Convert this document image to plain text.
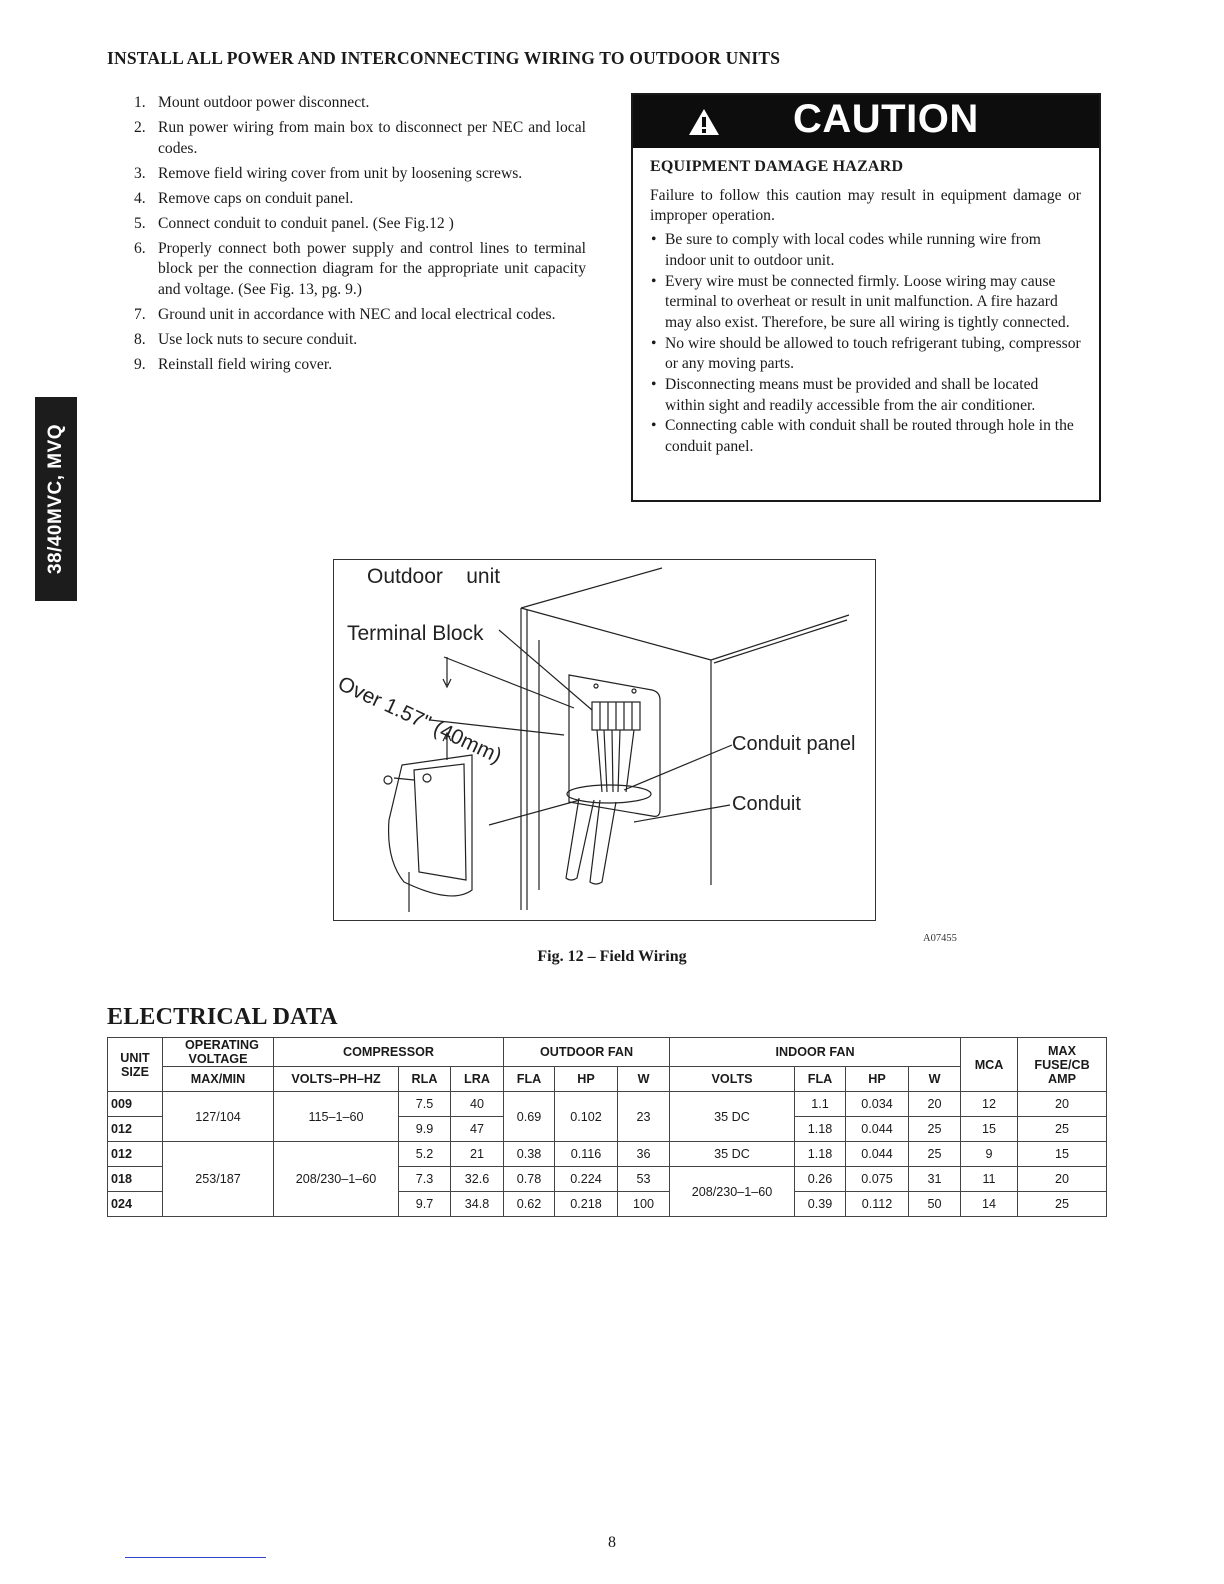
INSTALL ALL POWER AND INTERCONNECTING WIRING TO OUTDOOR UNITS
1. Mount outdoor power disconnect.
2. Run power wiring from main box to disconnect per NEC and local codes.
3. Remove field wiring cover from unit by loosening screws.
4. Remove caps on conduit panel.
5. Connect conduit to conduit panel. (See Fig.12 )
6. Properly connect both power supply and control lines to terminal block per the connection diagram for the appropriate unit capacity and voltage. (See Fig. 13, pg. 9.)
7. Ground unit in accordance with NEC and local electrical codes.
8. Use lock nuts to secure conduit.
9. Reinstall field wiring cover.
38/40MVC, MVQ
CAUTION

EQUIPMENT DAMAGE HAZARD

Failure to follow this caution may result in equipment damage or improper operation.

• Be sure to comply with local codes while running wire from indoor unit to outdoor unit.
• Every wire must be connected firmly. Loose wiring may cause terminal to overheat or result in unit malfunction. A fire hazard may also exist. Therefore, be sure all wiring is tightly connected.
• No wire should be allowed to touch refrigerant tubing, compressor or any moving parts.
• Disconnecting means must be provided and shall be located within sight and readily accessible from the air conditioner.
• Connecting cable with conduit shall be routed through hole in the conduit panel.
Outdoor    unit
Terminal Block
Over 1.57" (40mm)	Conduit panel
Conduit
A07455
Fig. 12 – Field Wiring
ELECTRICAL DATA
UNIT SIZE	OPERATING VOLTAGE	COMPRESSOR			OUTDOOR FAN			INDOOR FAN				MCA	MAX FUSE/CB AMP
	MAX/MIN	VOLTS–PH–HZ	RLA	LRA	FLA	HP	W	VOLTS	FLA	HP	W		
009	127/104	115–1–60	7.5	40	0.69	0.102	23	35 DC	1.1	0.034	20	12	20
012			9.9	47					1.18	0.044	25	15	25
012	253/187	208/230–1–60	5.2	21	0.38	0.116	36	35 DC	1.18	0.044	25	9	15
018			7.3	32.6	0.78	0.224	53	208/230–1–60	0.26	0.075	31	11	20
024			9.7	34.8	0.62	0.218	100		0.39	0.112	50	14	25
8
